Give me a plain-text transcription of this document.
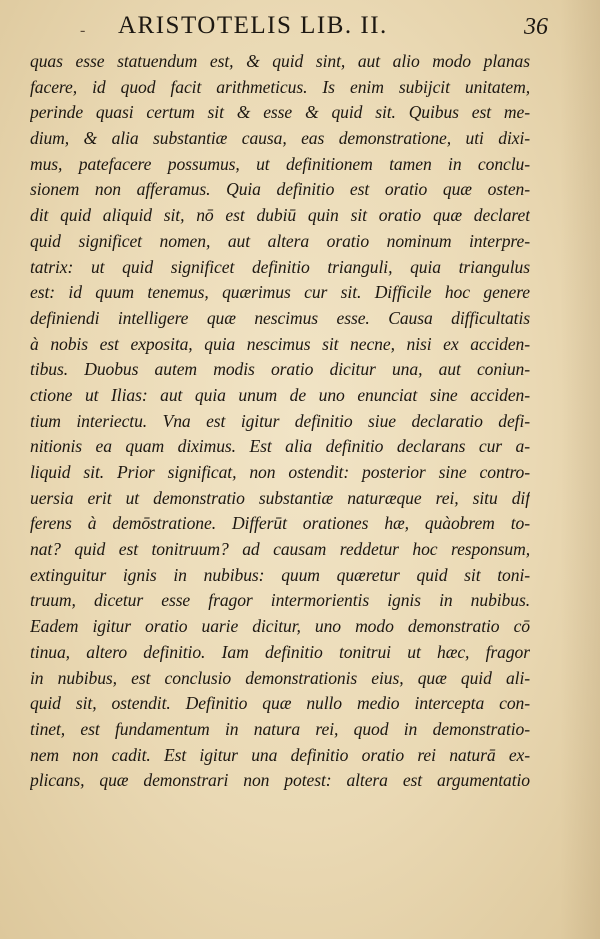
- ARISTOTELIS LIB. II.	36
quas esse statuendum est, & quid sint, aut alio modo planas
facere, id quod facit arithmeticus. Is enim subijcit unitatem,
perinde quasi certum sit & esse & quid sit. Quibus est me-
dium, & alia substantiæ causa, eas demonstratione, uti dixi-
mus, patefacere possumus, ut definitionem tamen in conclu-
sionem non afferamus. Quia definitio est oratio quæ osten-
dit quid aliquid sit, nō est dubiū quin sit oratio quæ declaret
quid significet nomen, aut altera oratio nominum interpre-
tatrix: ut quid significet definitio trianguli, quia triangulus
est: id quum tenemus, quærimus cur sit. Difficile hoc genere
definiendi intelligere quæ nescimus esse. Causa difficultatis
à nobis est exposita, quia nescimus sit necne, nisi ex acciden-
tibus. Duobus autem modis oratio dicitur una, aut coniun-
ctione ut Ilias: aut quia unum de uno enunciat sine acciden-
tium interiectu. Vna est igitur definitio siue declaratio defi-
nitionis ea quam diximus. Est alia definitio declarans cur a-
liquid sit. Prior significat, non ostendit: posterior sine contro-
uersia erit ut demonstratio substantiæ naturæque rei, situ dif
ferens à demōstratione. Differūt orationes hæ, quàobrem to-
nat? quid est tonitruum? ad causam reddetur hoc responsum,
extinguitur ignis in nubibus: quum quæretur quid sit toni-
truum, dicetur esse fragor intermorientis ignis in nubibus.
Eadem igitur oratio uarie dicitur, uno modo demonstratio cō
tinua, altero definitio. Iam definitio tonitrui ut hæc, fragor
in nubibus, est conclusio demonstrationis eius, quæ quid ali-
quid sit, ostendit. Definitio quæ nullo medio intercepta con-
tinet, est fundamentum in natura rei, quod in demonstratio-
nem non cadit. Est igitur una definitio oratio rei naturā ex-
plicans, quæ demonstrari non potest: altera est argumentatio
